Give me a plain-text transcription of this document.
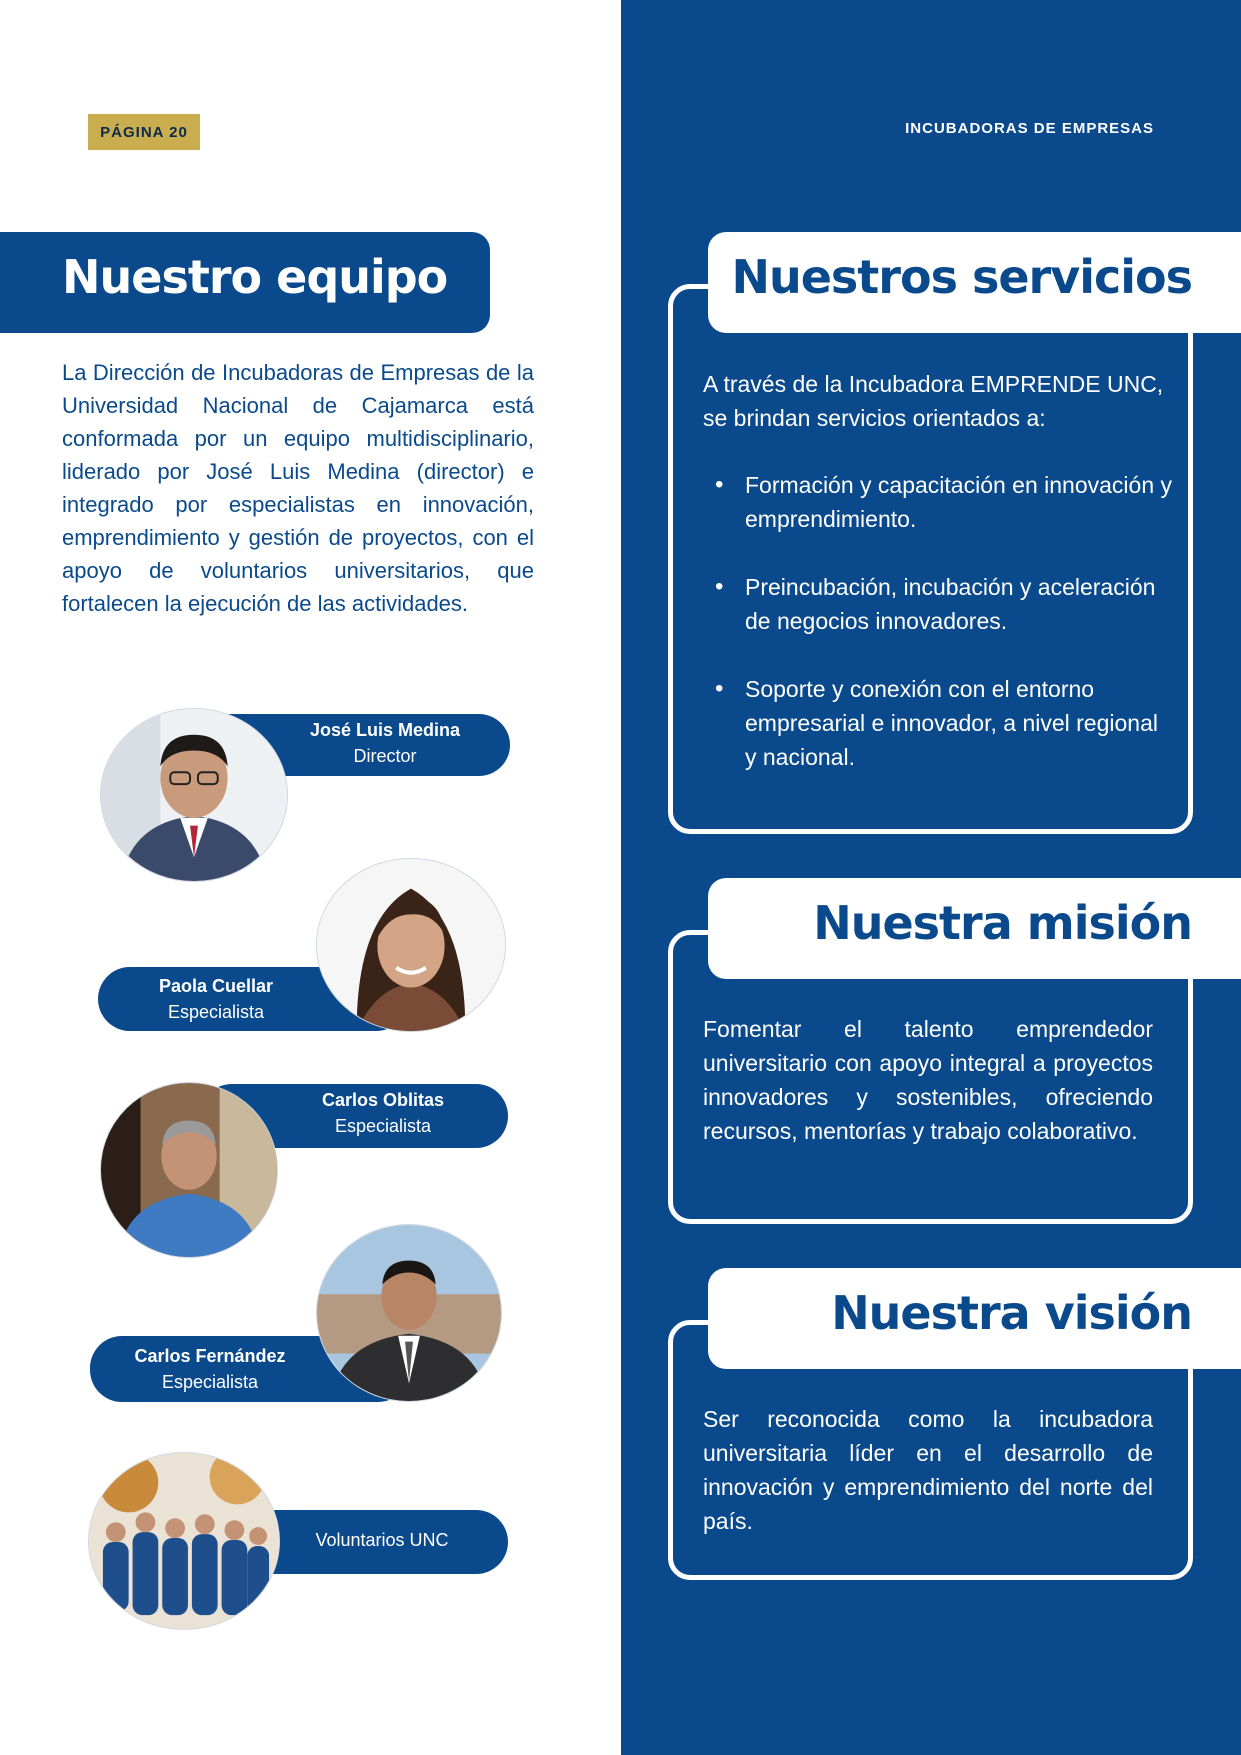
PÁGINA 20	INCUBADORAS DE EMPRESAS
Nuestro equipo
La Dirección de Incubadoras de Empresas de la Universidad Nacional de Cajamarca está conformada por un equipo multidisciplinario, liderado por José Luis Medina (director) e integrado por especialistas en innovación, emprendimiento y gestión de proyectos, con el apoyo de voluntarios universitarios, que fortalecen la ejecución de las actividades.
José Luis Medina
Director
Paola Cuellar
Especialista
Carlos Oblitas
Especialista
Carlos Fernández
Especialista
Voluntarios UNC
Nuestros servicios
A través de la Incubadora EMPRENDE UNC, se brindan servicios orientados a:
• Formación y capacitación en innovación y emprendimiento.
• Preincubación, incubación y aceleración de negocios innovadores.
• Soporte y conexión con el entorno empresarial e innovador, a nivel regional y nacional.
Nuestra misión
Fomentar el talento emprendedor universitario con apoyo integral a proyectos innovadores y sostenibles, ofreciendo recursos, mentorías y trabajo colaborativo.
Nuestra visión
Ser reconocida como la incubadora universitaria líder en el desarrollo de innovación y emprendimiento del norte del país.
